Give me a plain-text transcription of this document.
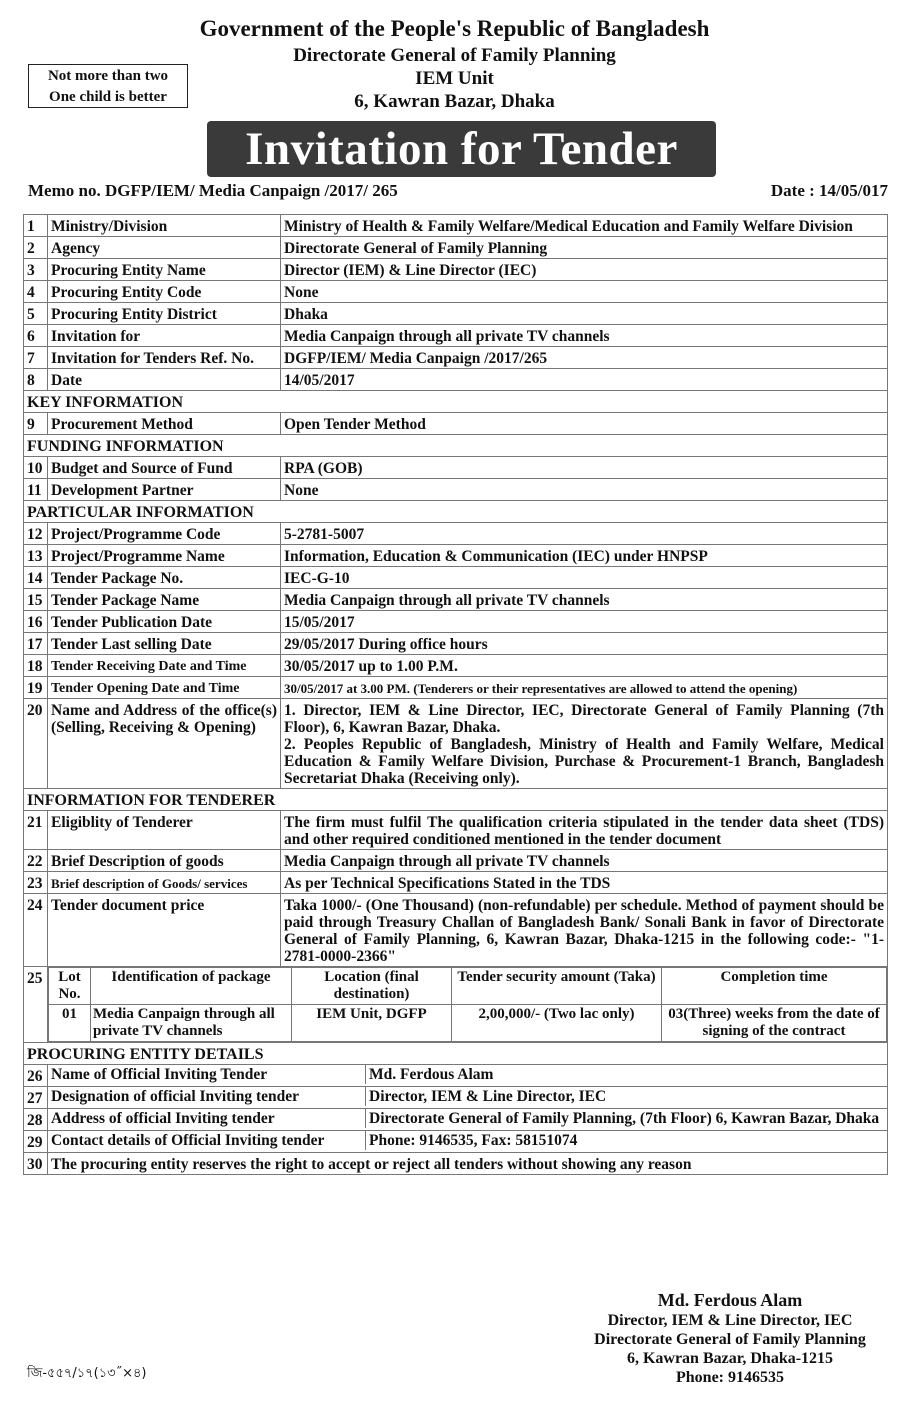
Government of the People's Republic of Bangladesh
Directorate General of Family Planning
IEM Unit
6, Kawran Bazar, Dhaka
Not more than two
One child is better
Invitation for Tender
Memo no. DGFP/IEM/ Media Canpaign /2017/ 265	Date : 14/05/017
1	Ministry/Division	Ministry of Health & Family Welfare/Medical Education and Family Welfare Division

2	Agency	Directorate General of Family Planning

3	Procuring Entity Name	Director (IEM) & Line Director (IEC)

4	Procuring Entity Code	None

5	Procuring Entity District	Dhaka

6	Invitation for	Media Canpaign through all private TV channels

7	Invitation for Tenders Ref. No.	DGFP/IEM/ Media Canpaign /2017/265

8	Date	14/05/2017

KEY INFORMATION
9	Procurement Method	Open Tender Method

FUNDING INFORMATION
10	Budget and Source of Fund	RPA (GOB)

11	Development Partner	None

PARTICULAR INFORMATION
12	Project/Programme Code	5-2781-5007

13	Project/Programme Name	Information, Education & Communication (IEC) under HNPSP

14	Tender Package No.	IEC-G-10

15	Tender Package Name	Media Canpaign through all private TV channels

16	Tender Publication Date	15/05/2017

17	Tender Last selling Date	29/05/2017 During office hours

18	Tender Receiving Date and Time	30/05/2017 up to 1.00 P.M.

19	Tender Opening Date and Time	30/05/2017 at 3.00 PM. (Tenderers or their representatives are allowed to attend the opening)

20	Name and Address of the office(s) (Selling, Receiving & Opening)	
1. Director, IEM & Line Director, IEC, Directorate General of Family Planning (7th Floor), 6, Kawran Bazar, Dhaka.
2. Peoples Republic of Bangladesh, Ministry of Health and Family Welfare, Medical Education & Family Welfare Division, Purchase & Procurement-1 Branch, Bangladesh Secretariat Dhaka (Receiving only).

INFORMATION FOR TENDERER
21	Eligiblity of Tenderer	The firm must fulfil The qualification criteria stipulated in the tender data sheet (TDS) and other required conditioned mentioned in the tender document

22	Brief Description of goods	Media Canpaign through all private TV channels

23	Brief description of Goods/ services	As per Technical Specifications Stated in the TDS

24	Tender document price	Taka 1000/- (One Thousand) (non-refundable) per schedule. Method of payment should be paid through Treasury Challan of Bangladesh Bank/ Sonali Bank in favor of Directorate General of Family Planning, 6, Kawran Bazar, Dhaka-1215 in the following code:- "1-2781-0000-2366"

25	Lot No.	Identification of package	Location (final destination)	Tender security amount (Taka)	Completion time
01	Media Canpaign through all private TV channels	IEM Unit, DGFP	2,00,000/- (Two lac only)	03(Three) weeks from the date of signing of the contract

PROCURING ENTITY DETAILS
26	Name of Official Inviting Tender	Md. Ferdous Alam

27	Designation of official Inviting tender	Director, IEM & Line Director, IEC

28	Address of official Inviting tender	Directorate General of Family Planning, (7th Floor) 6, Kawran Bazar, Dhaka

29	Contact details of Official Inviting tender	Phone: 9146535, Fax: 58151074

30	The procuring entity reserves the right to accept or reject all tenders without showing any reason
Md. Ferdous Alam
Director, IEM & Line Director, IEC
Directorate General of Family Planning
6, Kawran Bazar, Dhaka-1215
Phone: 9146535
জি-৫৫৭/১৭(১৩˝×৪)
